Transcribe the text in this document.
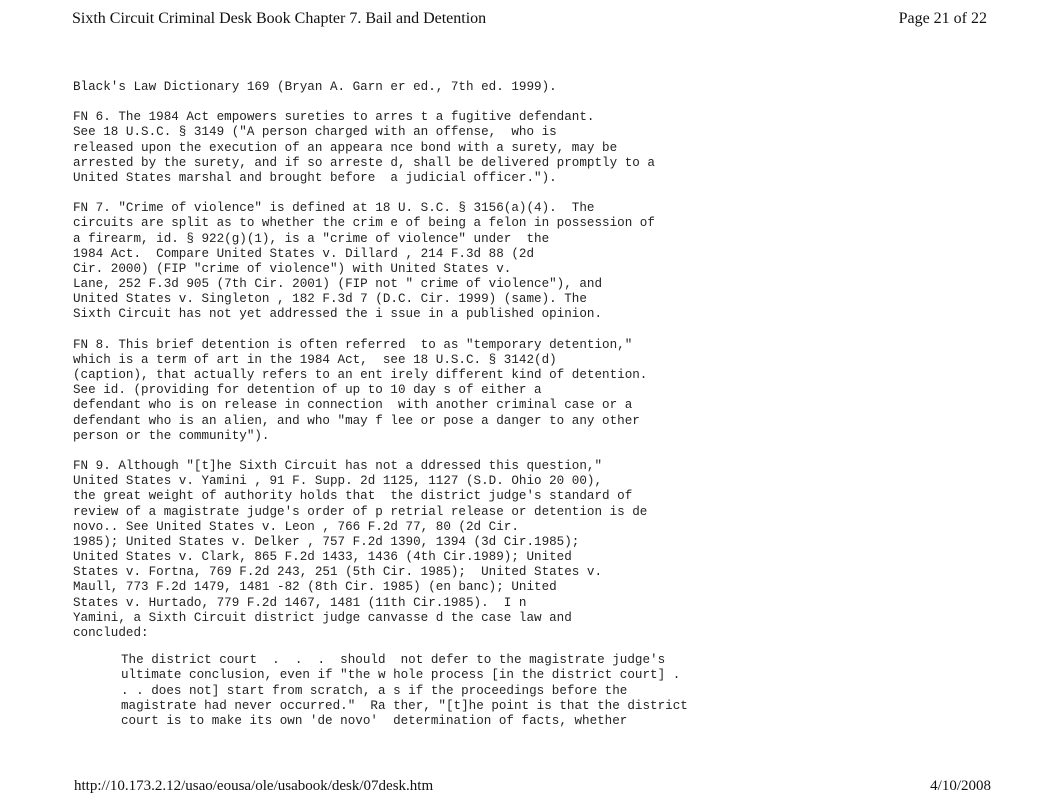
Sixth Circuit Criminal Desk Book Chapter 7. Bail and Detention	Page 21 of 22
Black's Law Dictionary 169 (Bryan A. Garn er ed., 7th ed. 1999).
FN 6. The 1984 Act empowers sureties to arres t a fugitive defendant.
See 18 U.S.C. § 3149 ("A person charged with an offense,  who is
released upon the execution of an appeara nce bond with a surety, may be
arrested by the surety, and if so arreste d, shall be delivered promptly to a
United States marshal and brought before  a judicial officer.").
FN 7. "Crime of violence" is defined at 18 U. S.C. § 3156(a)(4).  The
circuits are split as to whether the crim e of being a felon in possession of
a firearm, id. § 922(g)(1), is a "crime of violence" under  the
1984 Act.  Compare United States v. Dillard , 214 F.3d 88 (2d
Cir. 2000) (FIP "crime of violence") with United States v.
Lane, 252 F.3d 905 (7th Cir. 2001) (FIP not " crime of violence"), and
United States v. Singleton , 182 F.3d 7 (D.C. Cir. 1999) (same). The
Sixth Circuit has not yet addressed the i ssue in a published opinion.
FN 8. This brief detention is often referred  to as "temporary detention,"
which is a term of art in the 1984 Act,  see 18 U.S.C. § 3142(d)
(caption), that actually refers to an ent irely different kind of detention.
See id. (providing for detention of up to 10 day s of either a
defendant who is on release in connection  with another criminal case or a
defendant who is an alien, and who "may f lee or pose a danger to any other
person or the community").
FN 9. Although "[t]he Sixth Circuit has not a ddressed this question,"
United States v. Yamini , 91 F. Supp. 2d 1125, 1127 (S.D. Ohio 20 00),
the great weight of authority holds that  the district judge's standard of
review of a magistrate judge's order of p retrial release or detention is de
novo.. See United States v. Leon , 766 F.2d 77, 80 (2d Cir.
1985); United States v. Delker , 757 F.2d 1390, 1394 (3d Cir.1985);
United States v. Clark, 865 F.2d 1433, 1436 (4th Cir.1989); United
States v. Fortna, 769 F.2d 243, 251 (5th Cir. 1985);  United States v.
Maull, 773 F.2d 1479, 1481 -82 (8th Cir. 1985) (en banc); United
States v. Hurtado, 779 F.2d 1467, 1481 (11th Cir.1985).  I n
Yamini, a Sixth Circuit district judge canvasse d the case law and
concluded:
The district court  .  .  .  should  not defer to the magistrate judge's
ultimate conclusion, even if "the w hole process [in the district court] .
. . does not] start from scratch, a s if the proceedings before the
magistrate had never occurred."  Ra ther, "[t]he point is that the district
court is to make its own 'de novo'  determination of facts, whether
http://10.173.2.12/usao/eousa/ole/usabook/desk/07desk.htm	4/10/2008
